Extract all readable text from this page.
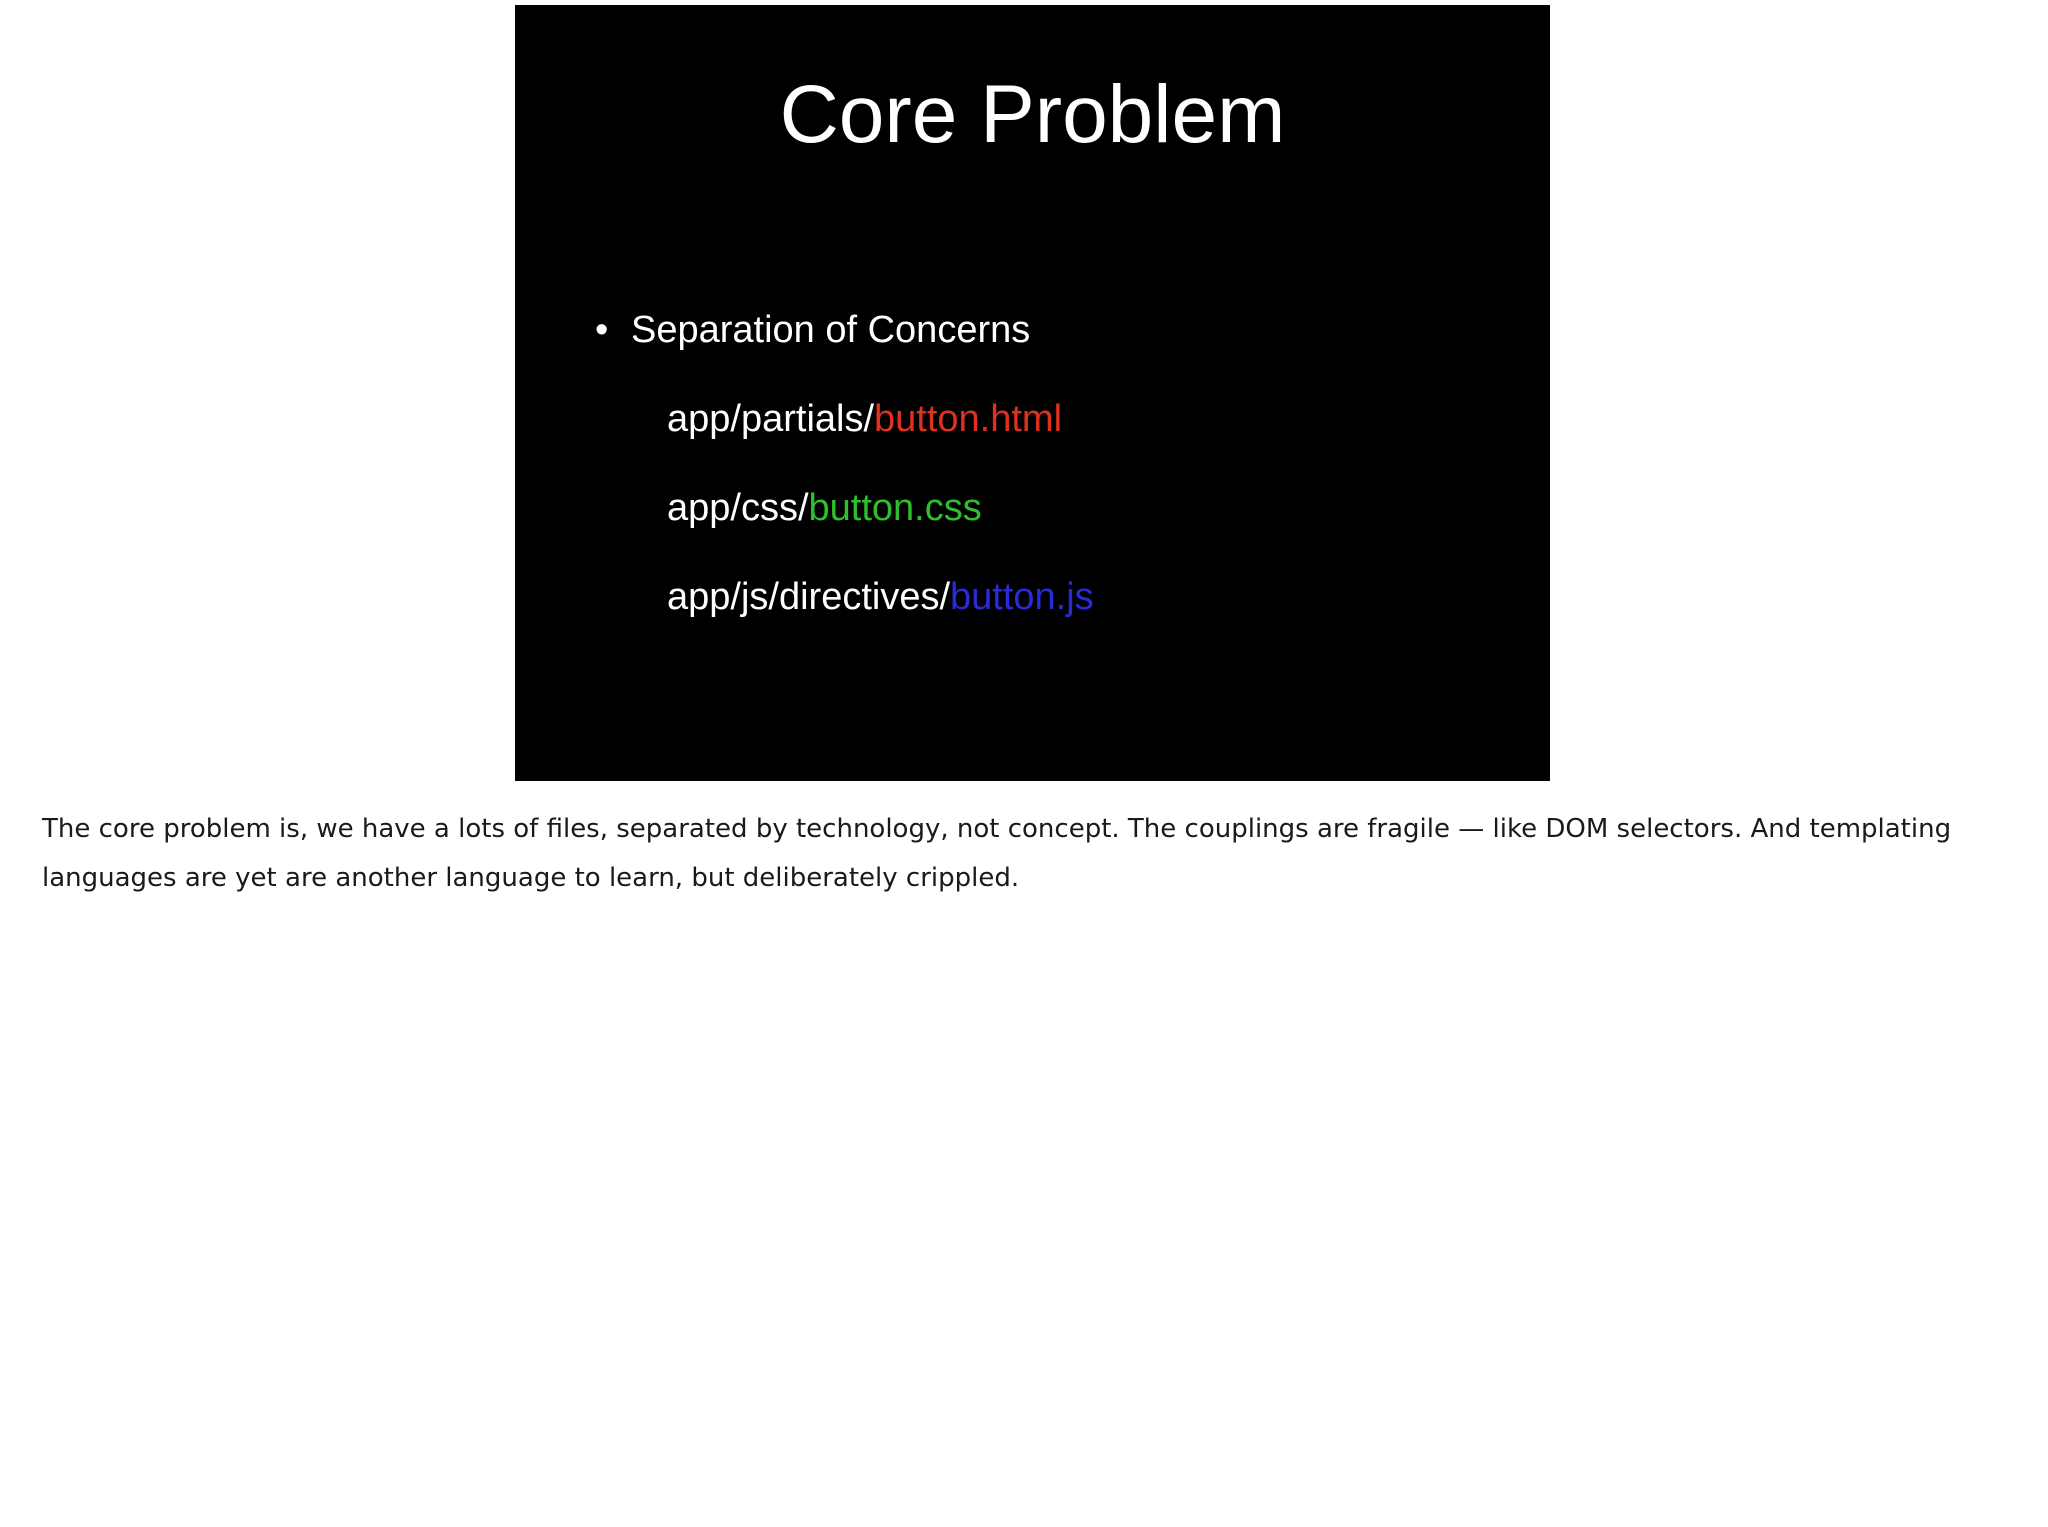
Core Problem
• Separation of Concerns
app/partials/button.html
app/css/button.css
app/js/directives/button.js

The core problem is, we have a lots of files, separated by technology, not concept. The couplings are fragile — like DOM selectors. And templating languages are yet are another language to learn, but deliberately crippled.
